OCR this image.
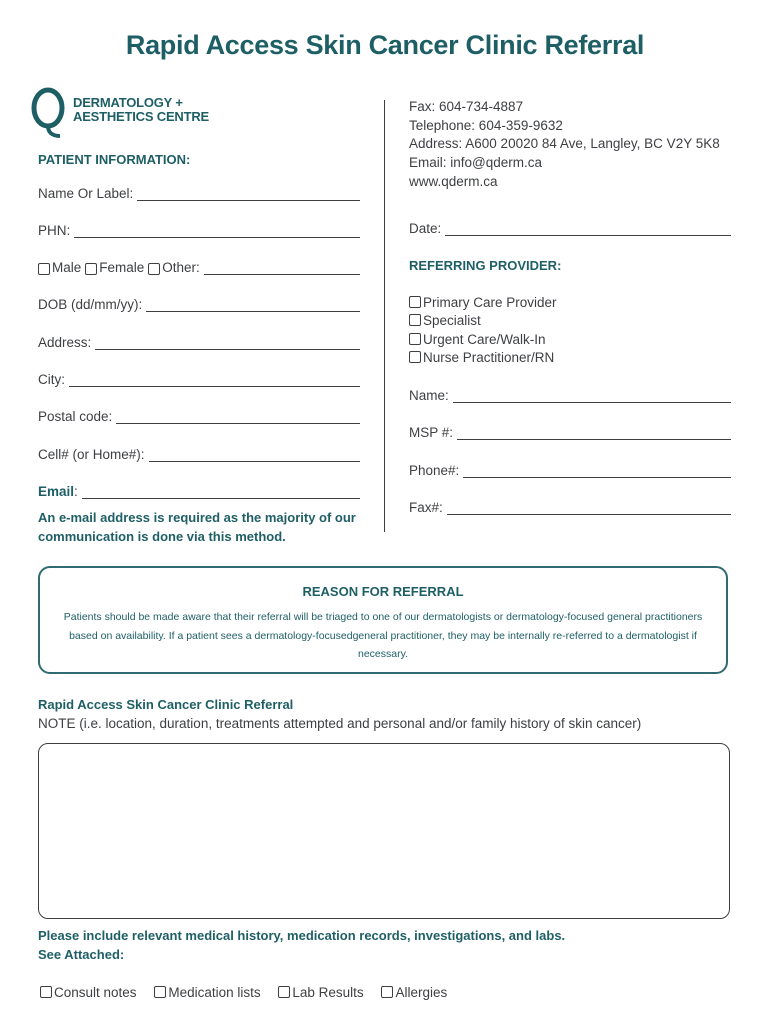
Rapid Access Skin Cancer Clinic Referral
DERMATOLOGY +
AESTHETICS CENTRE
PATIENT INFORMATION:
Name Or Label:
PHN:
Male Female Other:
DOB (dd/mm/yy):
Address:
City:
Postal code:
Cell# (or Home#):
Email :
An e-mail address is required as the majority of our communication is done via this method.
Fax: 604-734-4887
Telephone: 604-359-9632
Address: A600 20020 84 Ave, Langley, BC V2Y 5K8
Email: info@qderm.ca
www.qderm.ca
Date:
REFERRING PROVIDER:
Primary Care Provider
Specialist
Urgent Care/Walk-In
Nurse Practitioner/RN
Name:
MSP #:
Phone#:
Fax#:
REASON FOR REFERRAL
Patients should be made aware that their referral will be triaged to one of our dermatologists or dermatology-focused general practitioners based on availability. If a patient sees a dermatology-focusedgeneral practitioner, they may be internally re-referred to a dermatologist if necessary.
Rapid Access Skin Cancer Clinic Referral
NOTE (i.e. location, duration, treatments attempted and personal and/or family history of skin cancer)
Please include relevant medical history, medication records, investigations, and labs.
See Attached:
Consult notes Medication lists Lab Results Allergies
